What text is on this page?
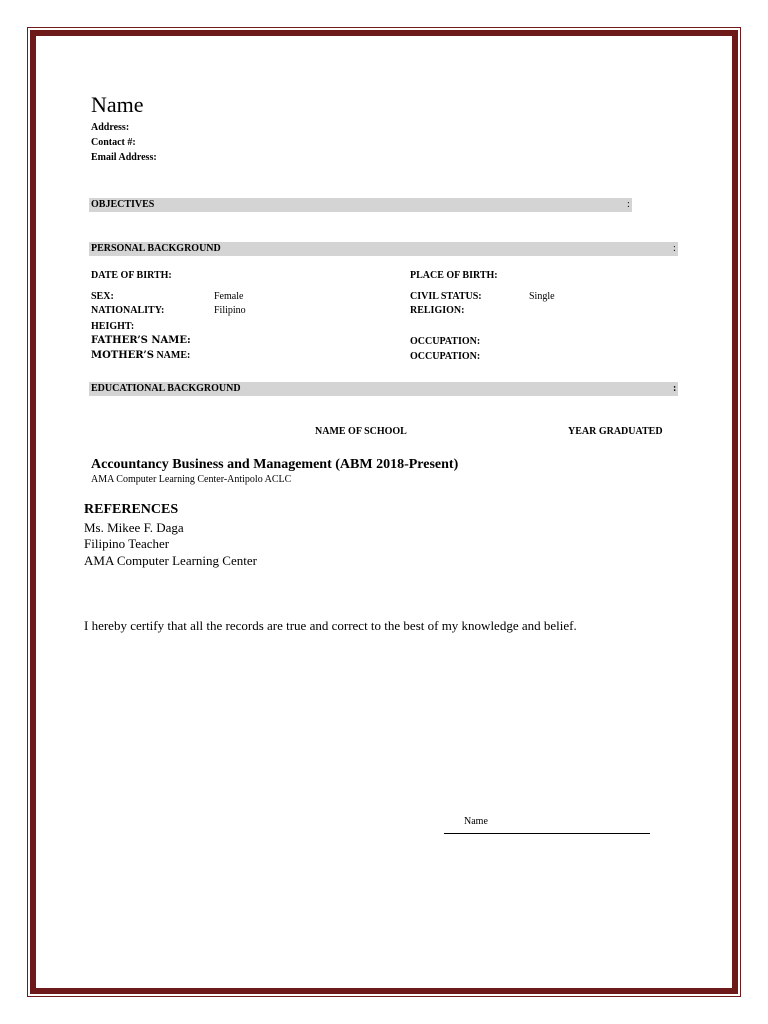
Name
Address:
Contact #:
Email Address:
OBJECTIVES	:
PERSONAL BACKGROUND	:
DATE OF BIRTH:	PLACE OF BIRTH:
SEX:	Female	CIVIL STATUS:	Single
NATIONALITY:	Filipino	RELIGION:
HEIGHT:
FATHER’S NAME:	OCCUPATION:
MOTHER’S NAME:	OCCUPATION:
EDUCATIONAL BACKGROUND	:
NAME OF SCHOOL	YEAR GRADUATED
Accountancy Business and Management (ABM 2018-Present)
AMA Computer Learning Center-Antipolo ACLC
REFERENCES
Ms. Mikee F. Daga
Filipino Teacher
AMA Computer Learning Center
I hereby certify that all the records are true and correct to the best of my knowledge and belief.
Name
